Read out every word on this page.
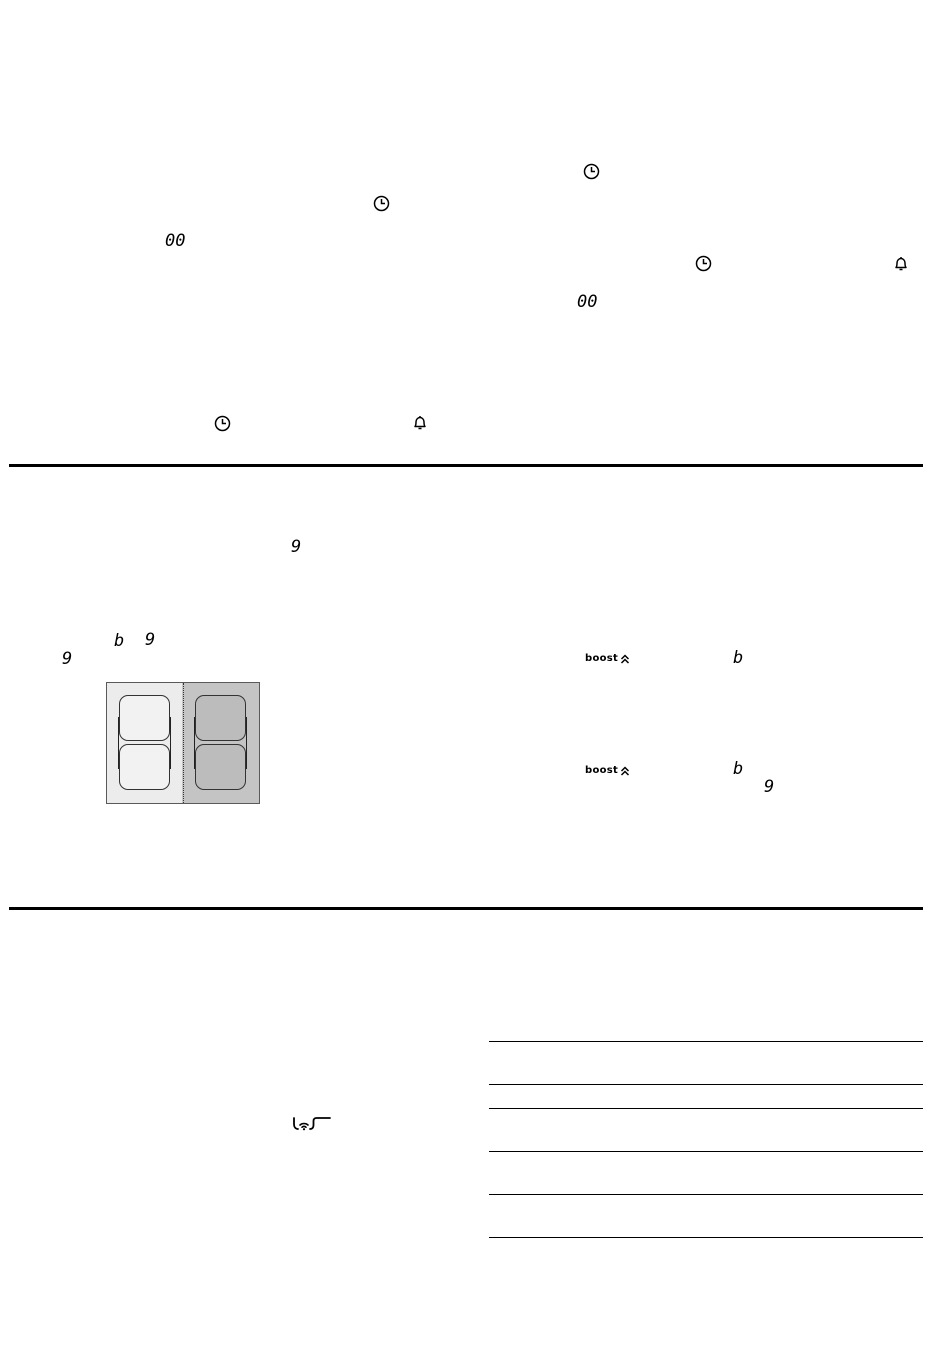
00
00
9
b 9
9	boost	b
boost	b
9
